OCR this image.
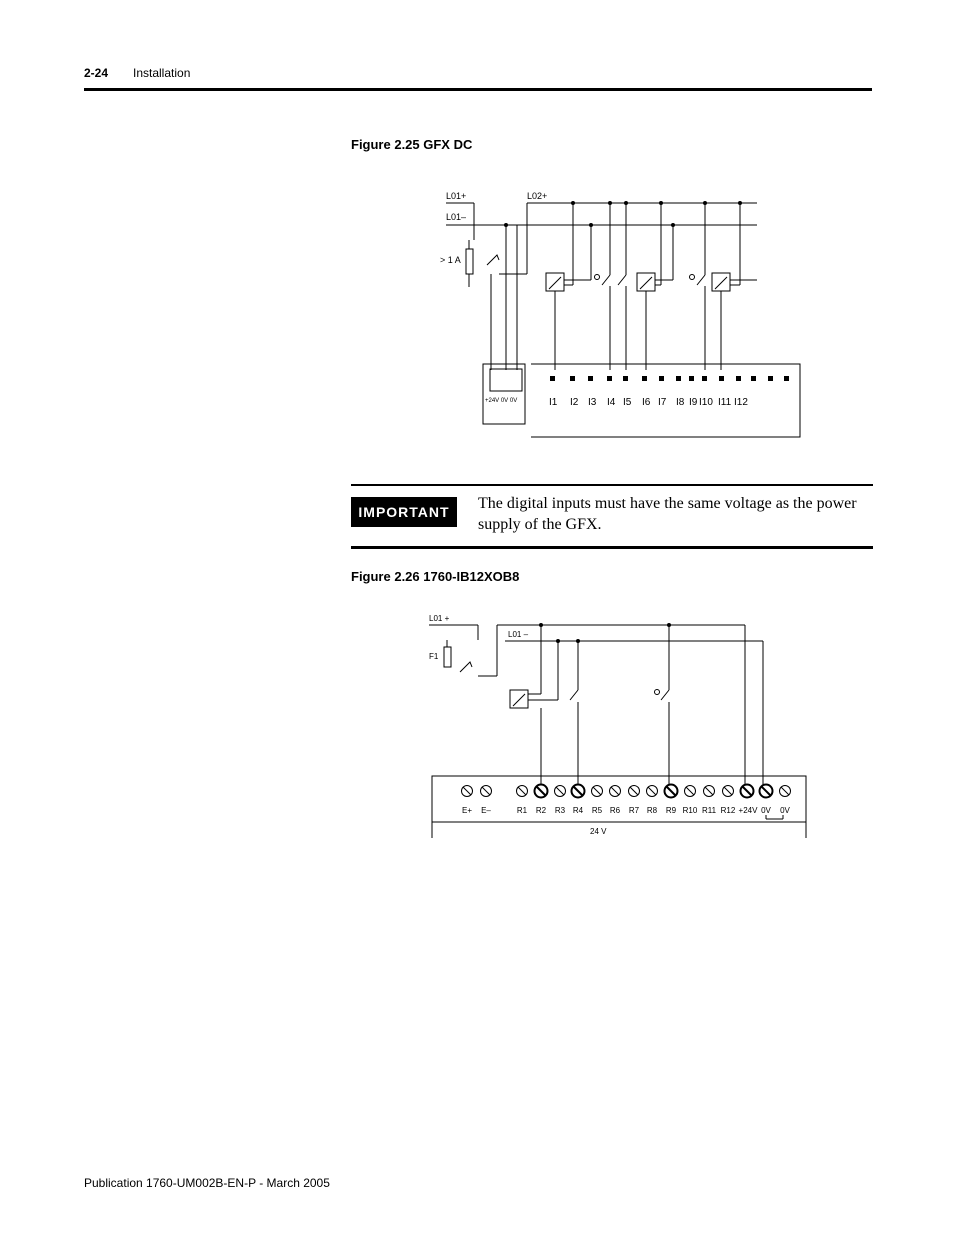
2-24 Installation
Figure 2.25 GFX DC
L01+
L01–
L02+
> 1 A
+24V 0V 0V	I1 I2 I3 I4 I5 I6 I7 I8 I9 I10 I11 I12
IMPORTANT	The digital inputs must have the same voltage as the power supply of the GFX.
Figure 2.26 1760-IB12XOB8
L01 +
L01 –
F1
24 V
E+ E–	R1 R2 R3 R4 R5 R6 R7 R8 R9 R10 R11 R12 +24V 0V 0V
Publication 1760-UM002B-EN-P - March 2005
